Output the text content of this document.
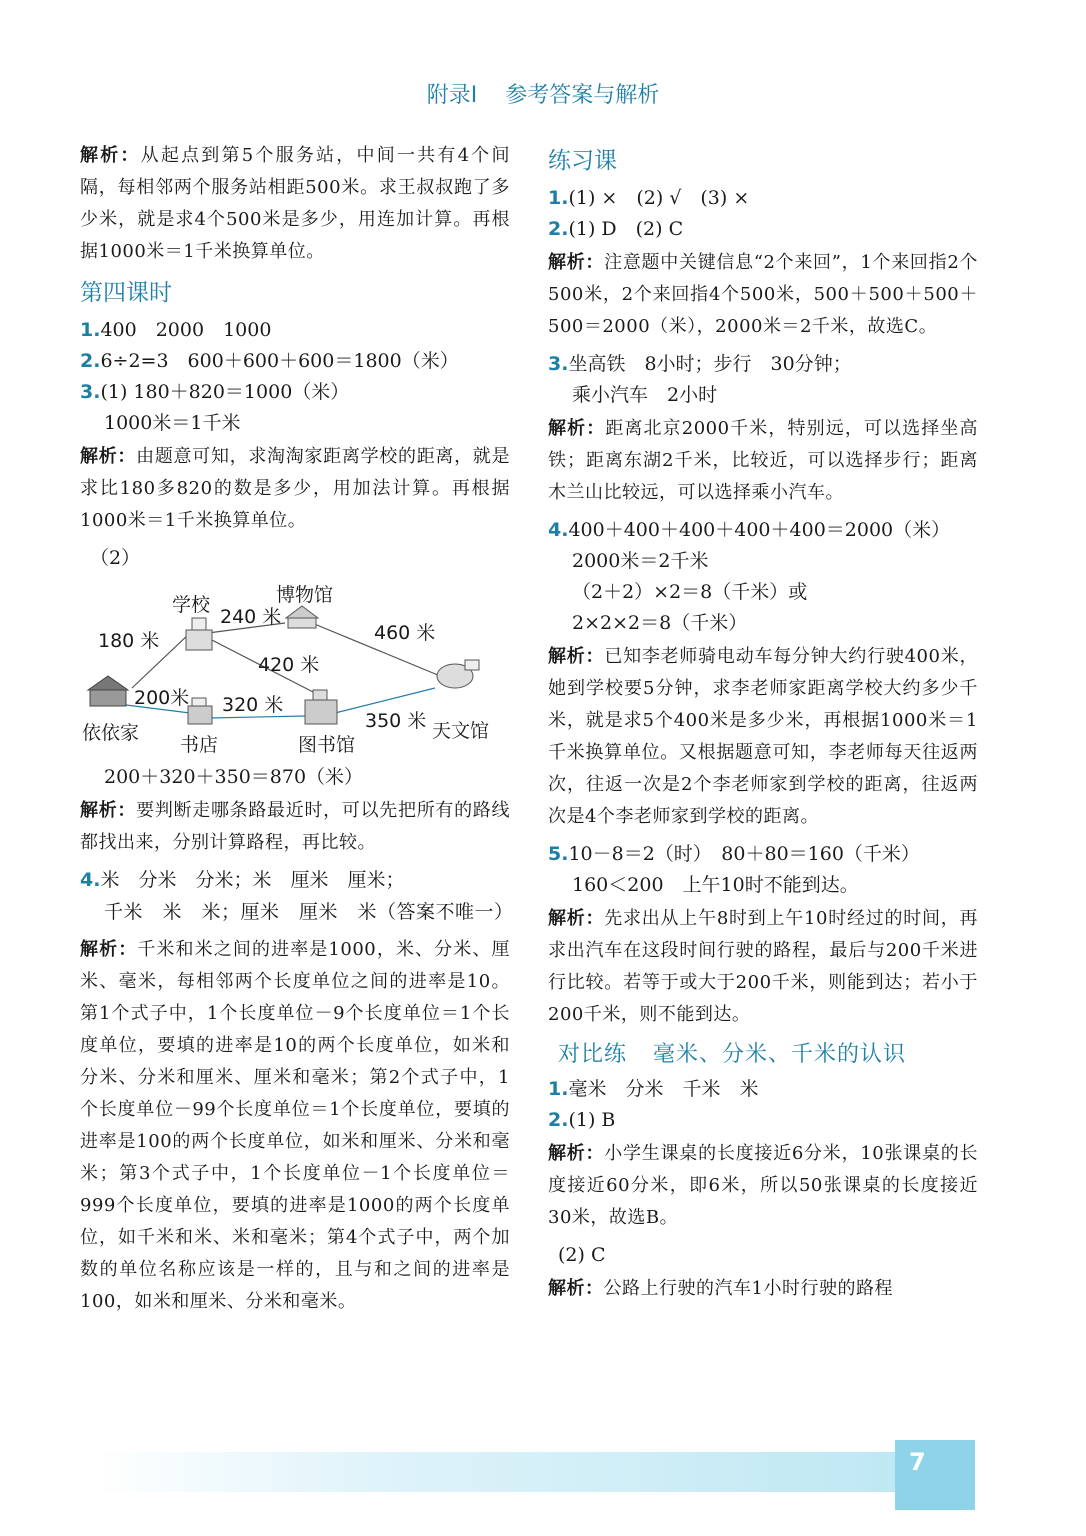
附录Ⅰ 参考答案与解析
解析：从起点到第5个服务站，中间一共有4个间隔，每相邻两个服务站相距500米。求王叔叔跑了多少米，就是求4个500米是多少，用连加计算。再根据1000米＝1千米换算单位。
第四课时
1.400　2000　1000
2.6÷2=3　600＋600＋600＝1800（米）
3.(1) 180＋820＝1000（米）
1000米＝1千米
解析：由题意可知，求淘淘家距离学校的距离，就是求比180多820的数是多少，用加法计算。再根据1000米＝1千米换算单位。
（2）
学校	博物馆
依依家
书店	图书馆
天文馆
180 米
240 米
460 米
420 米
200米 320 米
350 米
200＋320＋350＝870（米）
解析：要判断走哪条路最近时，可以先把所有的路线都找出来，分别计算路程，再比较。
4.米　分米　分米；米　厘米　厘米；
千米　米　米；厘米　厘米　米（答案不唯一）
解析：千米和米之间的进率是1000，米、分米、厘米、毫米，每相邻两个长度单位之间的进率是10。第1个式子中，1个长度单位－9个长度单位＝1个长度单位，要填的进率是10的两个长度单位，如米和分米、分米和厘米、厘米和毫米；第2个式子中，1个长度单位－99个长度单位＝1个长度单位，要填的进率是100的两个长度单位，如米和厘米、分米和毫米；第3个式子中，1个长度单位－1个长度单位＝999个长度单位，要填的进率是1000的两个长度单位，如千米和米、米和毫米；第4个式子中，两个加数的单位名称应该是一样的，且与和之间的进率是100，如米和厘米、分米和毫米。
练习课
1.(1) ×　(2) √　(3) ×
2.(1) D　(2) C
解析：注意题中关键信息“2个来回”，1个来回指2个500米，2个来回指4个500米，500＋500＋500＋500＝2000（米），2000米＝2千米，故选C。
3.坐高铁　8小时；步行　30分钟；
乘小汽车　2小时
解析：距离北京2000千米，特别远，可以选择坐高铁；距离东湖2千米，比较近，可以选择步行；距离木兰山比较远，可以选择乘小汽车。
4.400＋400＋400＋400＋400＝2000（米）
2000米＝2千米
（2＋2）×2＝8（千米）或
2×2×2＝8（千米）
解析：已知李老师骑电动车每分钟大约行驶400米，她到学校要5分钟，求李老师家距离学校大约多少千米，就是求5个400米是多少米，再根据1000米＝1千米换算单位。又根据题意可知，李老师每天往返两次，往返一次是2个李老师家到学校的距离，往返两次是4个李老师家到学校的距离。
5.10－8＝2（时）　80＋80＝160（千米）
160＜200　上午10时不能到达。
解析：先求出从上午8时到上午10时经过的时间，再求出汽车在这段时间行驶的路程，最后与200千米进行比较。若等于或大于200千米，则能到达；若小于200千米，则不能到达。
对比练 毫米、分米、千米的认识
1.毫米　分米　千米　米
2.(1) B
解析：小学生课桌的长度接近6分米，10张课桌的长度接近60分米，即6米，所以50张课桌的长度接近30米，故选B。
(2) C
解析：公路上行驶的汽车1小时行驶的路程
7
